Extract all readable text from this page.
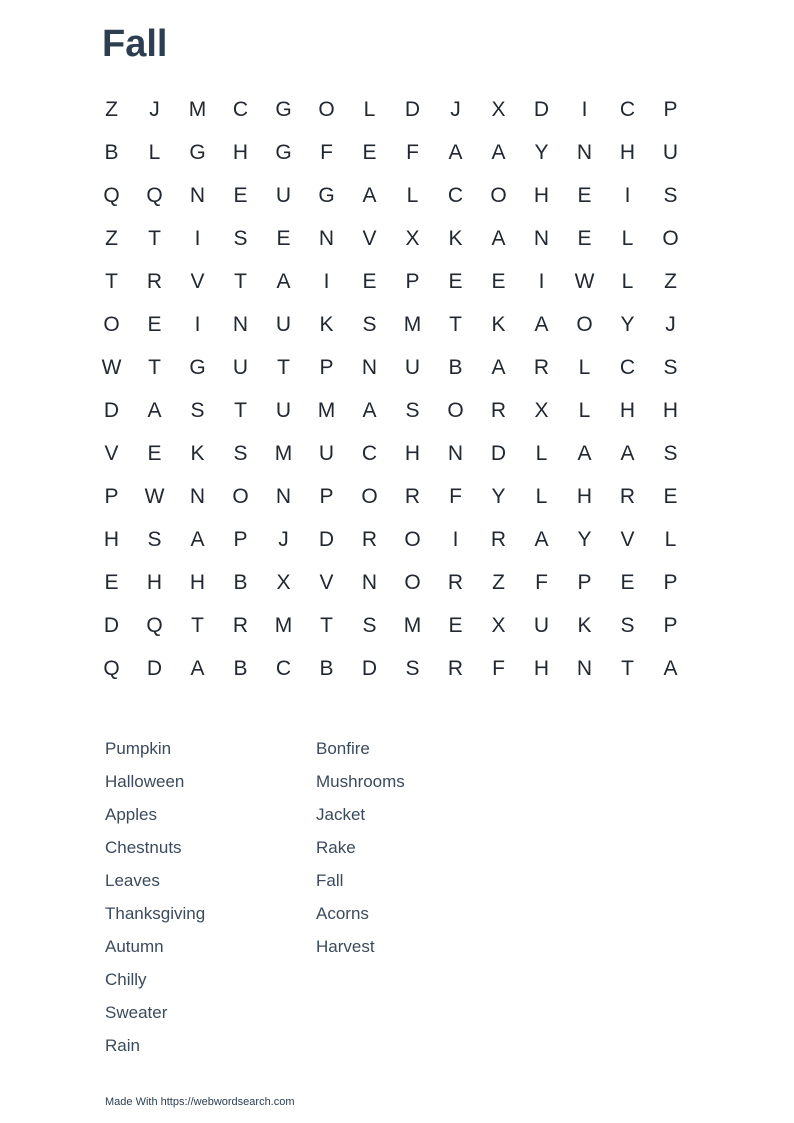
Fall
Z	J	M	C	G	O	L	D	J	X	D	I	C	P
B	L	G	H	G	F	E	F	A	A	Y	N	H	U
Q	Q	N	E	U	G	A	L	C	O	H	E	I	S
Z	T	I	S	E	N	V	X	K	A	N	E	L	O
T	R	V	T	A	I	E	P	E	E	I	W	L	Z
O	E	I	N	U	K	S	M	T	K	A	O	Y	J
W	T	G	U	T	P	N	U	B	A	R	L	C	S
D	A	S	T	U	M	A	S	O	R	X	L	H	H
V	E	K	S	M	U	C	H	N	D	L	A	A	S
P	W	N	O	N	P	O	R	F	Y	L	H	R	E
H	S	A	P	J	D	R	O	I	R	A	Y	V	L
E	H	H	B	X	V	N	O	R	Z	F	P	E	P
D	Q	T	R	M	T	S	M	E	X	U	K	S	P
Q	D	A	B	C	B	D	S	R	F	H	N	T	A
Pumpkin
Halloween
Apples
Chestnuts
Leaves
Thanksgiving
Autumn
Chilly
Sweater
Rain
Bonfire
Mushrooms
Jacket
Rake
Fall
Acorns
Harvest
Made With https://webwordsearch.com
